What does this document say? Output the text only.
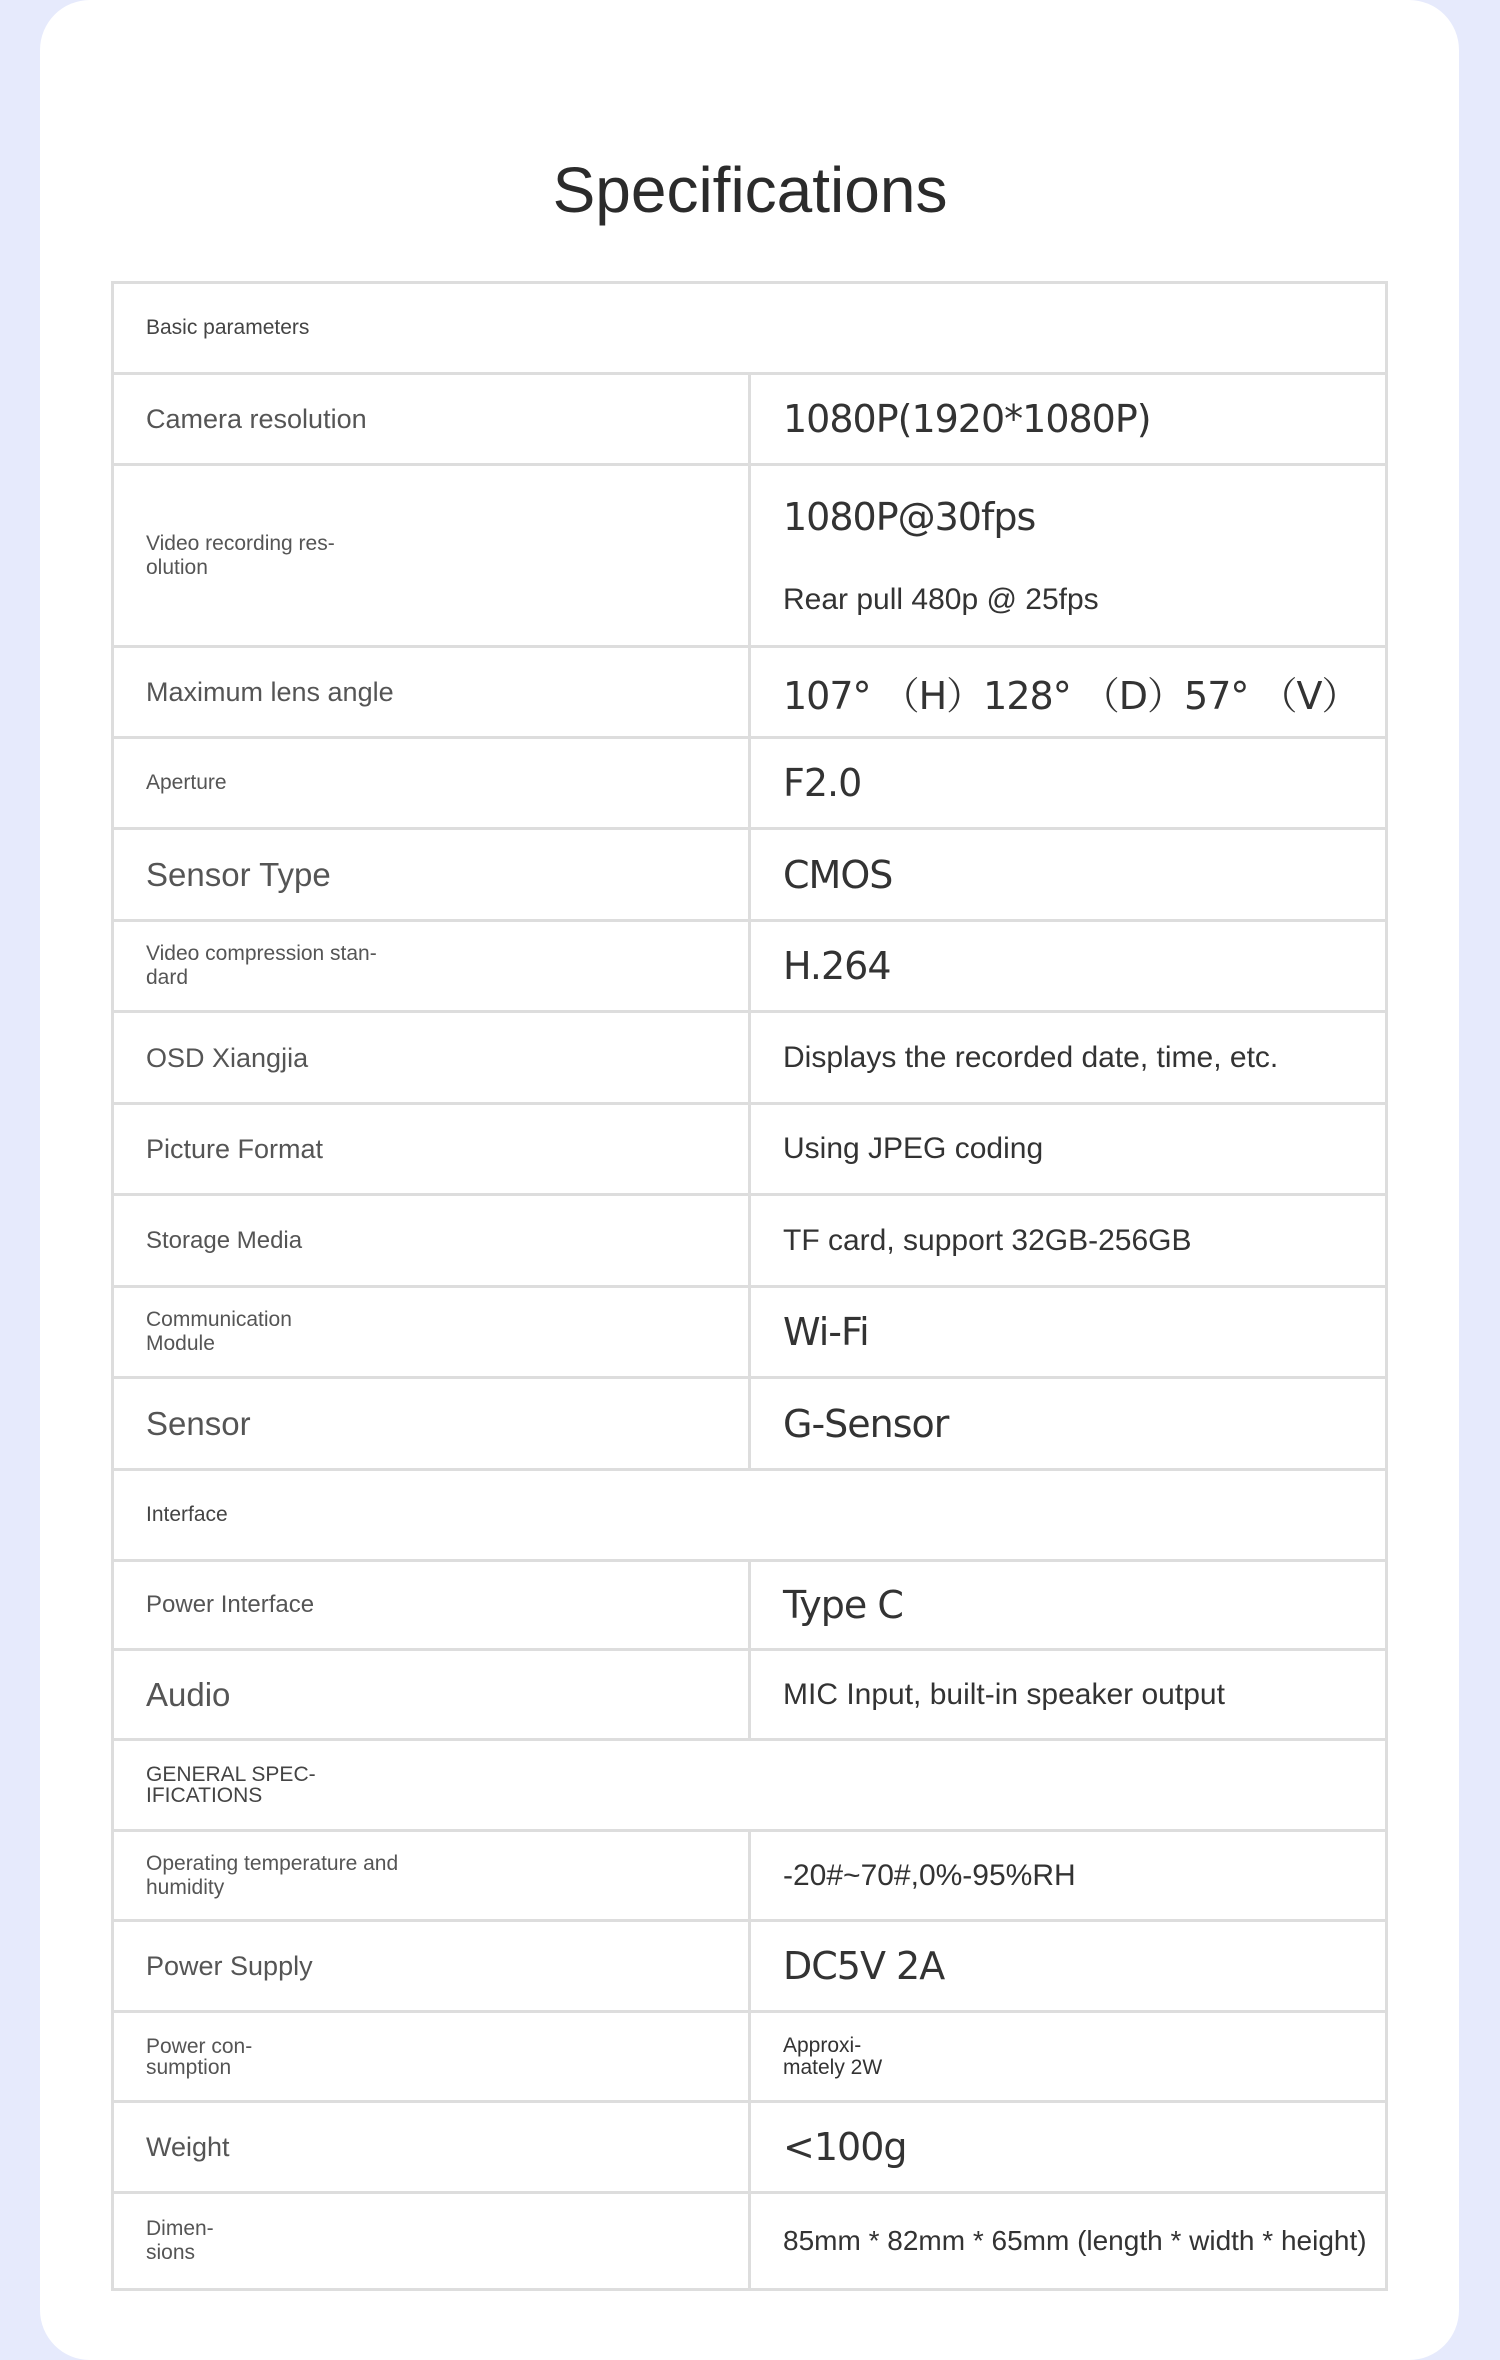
Specifications
Basic parameters	
Camera resolution	1080P(1920*1080P)
Video recording res-
olution	1080P@30fps
Rear pull 480p @ 25fps

Maximum lens angle	107° （H）128° （D）57° （V）
Aperture	F2.0
Sensor Type	CMOS
Video compression stan-
dard	H.264
OSD Xiangjia	Displays the recorded date, time, etc.
Picture Format	Using JPEG coding
Storage Media	TF card, support 32GB-256GB
Communication
Module	Wi-Fi
Sensor	G-Sensor
Interface	
Power Interface	Type C
Audio	MIC Input, built-in speaker output
GENERAL SPEC-
IFICATIONS	
Operating temperature and
humidity	-20#~70#,0%-95%RH
Power Supply	DC5V 2A
Power con-
sumption	Approxi-
mately 2W
Weight	<100g
Dimen-
sions	85mm * 82mm * 65mm (length * width * height)
